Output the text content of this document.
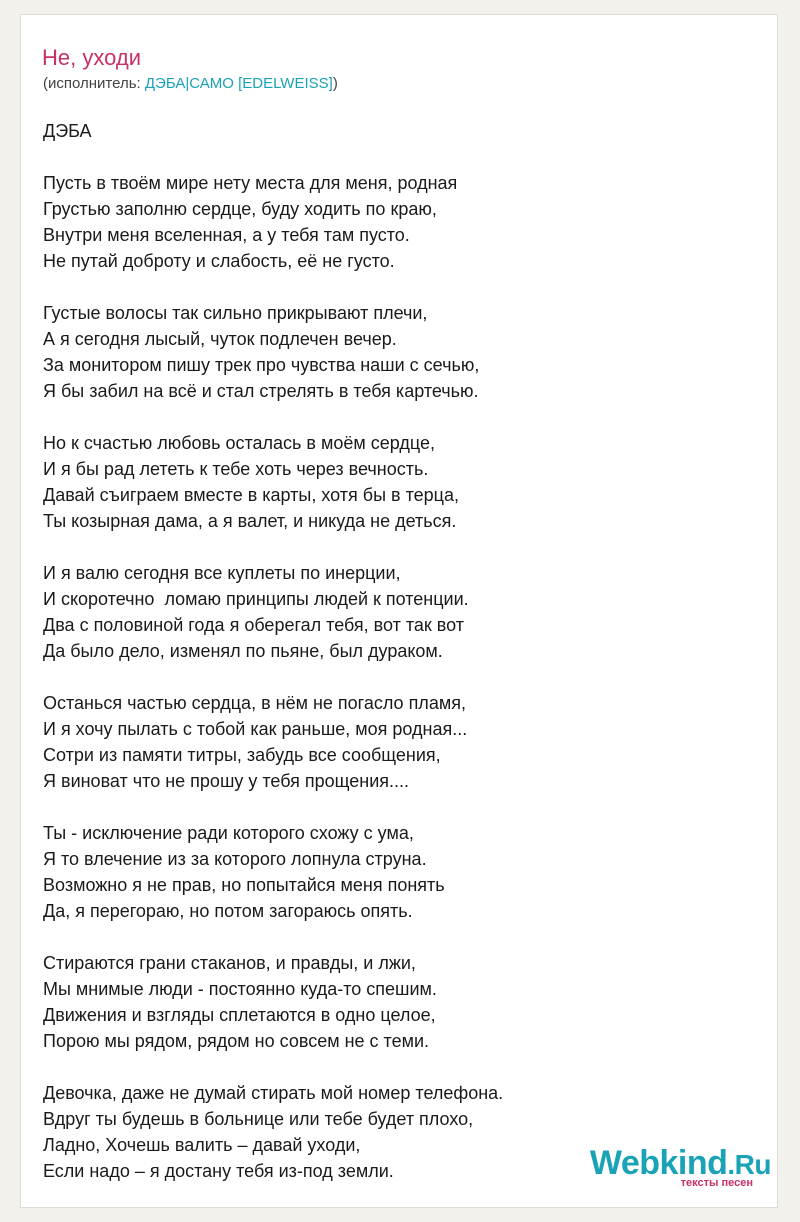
Не, уходи
(исполнитель: ДЭБА|САМО [EDELWEISS])
ДЭБА
Пусть в твоём мире нету места для меня, родная
Грустью заполню сердце, буду ходить по краю,
Внутри меня вселенная, а у тебя там пусто.
Не путай доброту и слабость, её не густо.
Густые волосы так сильно прикрывают плечи,
А я сегодня лысый, чуток подлечен вечер.
За монитором пишу трек про чувства наши с сечью,
Я бы забил на всё и стал стрелять в тебя картечью.
Но к счастью любовь осталась в моём сердце,
И я бы рад лететь к тебе хоть через вечность.
Давай съиграем вместе в карты, хотя бы в терца,
Ты козырная дама, а я валет, и никуда не деться.
И я валю сегодня все куплеты по инерции,
И скоротечно  ломаю принципы людей к потенции.
Два с половиной года я оберегал тебя, вот так вот
Да было дело, изменял по пьяне, был дураком.
Останься частью сердца, в нём не погасло пламя,
И я хочу пылать с тобой как раньше, моя родная...
Сотри из памяти титры, забудь все сообщения,
Я виноват что не прошу у тебя прощения....
Ты - исключение ради которого схожу с ума,
Я то влечение из за которого лопнула струна.
Возможно я не прав, но попытайся меня понять
Да, я перегораю, но потом загораюсь опять.
Стираются грани стаканов, и правды, и лжи,
Мы мнимые люди - постоянно куда-то спешим.
Движения и взгляды сплетаются в одно целое,
Порою мы рядом, рядом но совсем не с теми.
Девочка, даже не думай стирать мой номер телефона.
Вдруг ты будешь в больнице или тебе будет плохо,
Ладно, Хочешь валить – давай уходи,
Если надо – я достану тебя из-под земли.	Webkind.Ru
тексты песен
